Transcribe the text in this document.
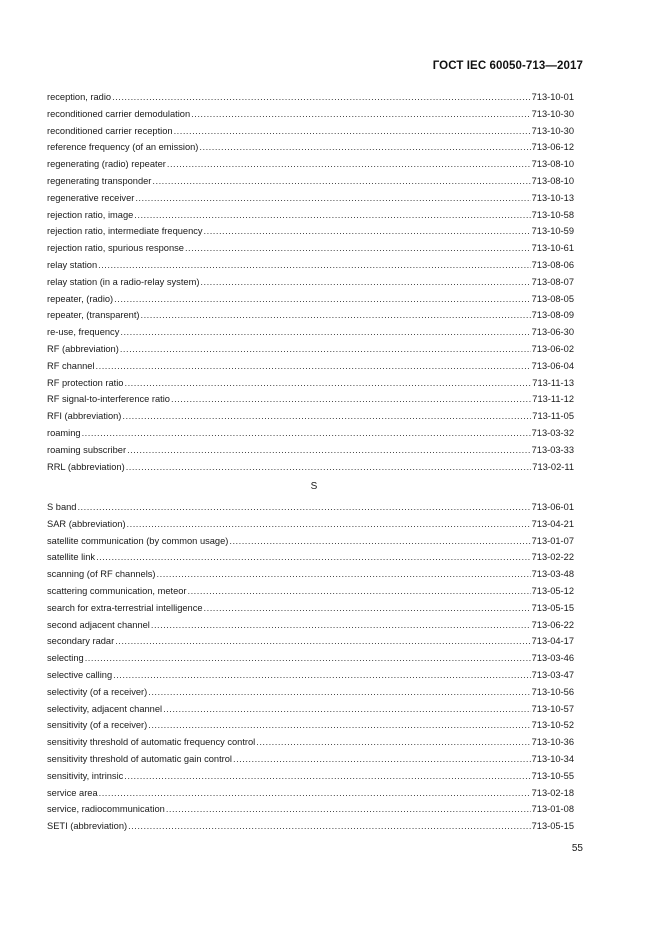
ГОСТ IEC 60050-713—2017
reception, radio .....	713-10-01
reconditioned carrier demodulation .....	713-10-30
reconditioned carrier reception .....	713-10-30
reference frequency (of an emission) .....	713-06-12
regenerating (radio) repeater .....	713-08-10
regenerating transponder .....	713-08-10
regenerative receiver .....	713-10-13
rejection ratio, image .....	713-10-58
rejection ratio, intermediate frequency .....	713-10-59
rejection ratio, spurious response .....	713-10-61
relay station .....	713-08-06
relay station (in a radio-relay system) .....	713-08-07
repeater, (radio) .....	713-08-05
repeater, (transparent) .....	713-08-09
re-use, frequency .....	713-06-30
RF (abbreviation) .....	713-06-02
RF channel .....	713-06-04
RF protection ratio .....	713-11-13
RF signal-to-interference ratio .....	713-11-12
RFI (abbreviation) .....	713-11-05
roaming .....	713-03-32
roaming subscriber .....	713-03-33
RRL (abbreviation) .....	713-02-11
S
S band .....	713-06-01
SAR (abbreviation) .....	713-04-21
satellite communication (by common usage) .....	713-01-07
satellite link .....	713-02-22
scanning (of RF channels) .....	713-03-48
scattering communication, meteor .....	713-05-12
search for extra-terrestrial intelligence .....	713-05-15
second adjacent channel .....	713-06-22
secondary radar .....	713-04-17
selecting .....	713-03-46
selective calling .....	713-03-47
selectivity (of a receiver) .....	713-10-56
selectivity, adjacent channel .....	713-10-57
sensitivity (of a receiver) .....	713-10-52
sensitivity threshold of automatic frequency control .....	713-10-36
sensitivity threshold of automatic gain control .....	713-10-34
sensitivity, intrinsic .....	713-10-55
service area .....	713-02-18
service, radiocommunication .....	713-01-08
SETI (abbreviation) .....	713-05-15
55
